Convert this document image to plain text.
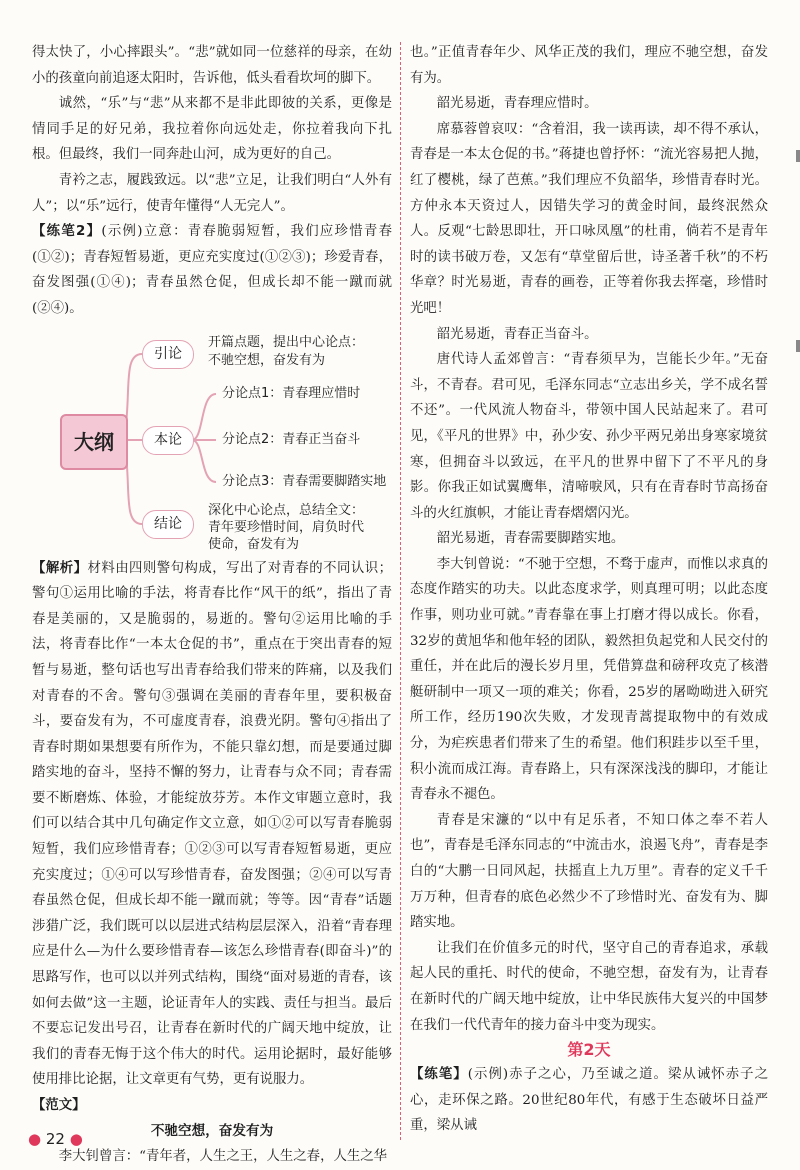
得太快了，小心摔跟头”。“悲”就如同一位慈祥的母亲，在幼小的孩童向前追逐太阳时，告诉他，低头看看坎坷的脚下。

诚然，“乐”与“悲”从来都不是非此即彼的关系，更像是情同手足的好兄弟，我拉着你向远处走，你拉着我向下扎根。但最终，我们一同奔赴山河，成为更好的自己。

青衿之志，履践致远。以“悲”立足，让我们明白“人外有人”；以“乐”远行，使青年懂得“人无完人”。

【练笔2】(示例)立意：青春脆弱短暂，我们应珍惜青春(①②)；青春短暂易逝，更应充实度过(①②③)；珍爱青春，奋发图强(①④)；青春虽然仓促，但成长却不能一蹴而就(②④)。

大纲
引论
本论
结论
开篇点题，提出中心论点：
不驰空想，奋发有为
分论点1：青春理应惜时
分论点2：青春正当奋斗
分论点3：青春需要脚踏实地
深化中心论点，总结全文：
青年要珍惜时间，肩负时代
使命，奋发有为

【解析】材料由四则警句构成，写出了对青春的不同认识；警句①运用比喻的手法，将青春比作“风干的纸”，指出了青春是美丽的，又是脆弱的，易逝的。警句②运用比喻的手法，将青春比作“一本太仓促的书”，重点在于突出青春的短暂与易逝，整句话也写出青春给我们带来的阵痛，以及我们对青春的不舍。警句③强调在美丽的青春年里，要积极奋斗，要奋发有为，不可虚度青春，浪费光阴。警句④指出了青春时期如果想要有所作为，不能只靠幻想，而是要通过脚踏实地的奋斗，坚持不懈的努力，让青春与众不同；青春需要不断磨炼、体验，才能绽放芬芳。本作文审题立意时，我们可以结合其中几句确定作文立意，如①②可以写青春脆弱短暂，我们应珍惜青春；①②③可以写青春短暂易逝，更应充实度过；①④可以写珍惜青春，奋发图强；②④可以写青春虽然仓促，但成长却不能一蹴而就；等等。因“青春”话题涉猎广泛，我们既可以以层进式结构层层深入，沿着“青春理应是什么—为什么要珍惜青春—该怎么珍惜青春(即奋斗)”的思路写作，也可以以并列式结构，围绕“面对易逝的青春，该如何去做”这一主题，论证青年人的实践、责任与担当。最后不要忘记发出号召，让青春在新时代的广阔天地中绽放，让我们的青春无悔于这个伟大的时代。运用论据时，最好能够使用排比论据，让文章更有气势，更有说服力。

【范文】

不驰空想，奋发有为

李大钊曾言：“青年者，人生之王，人生之春，人生之华

也。”正值青春年少、风华正茂的我们，理应不驰空想，奋发有为。

韶光易逝，青春理应惜时。

席慕蓉曾哀叹：“含着泪，我一读再读，却不得不承认，青春是一本太仓促的书。”蒋捷也曾抒怀：“流光容易把人抛，红了樱桃，绿了芭蕉。”我们理应不负韶华，珍惜青春时光。方仲永本天资过人，因错失学习的黄金时间，最终泯然众人。反观“七龄思即壮，开口咏凤凰”的杜甫，倘若不是青年时的读书破万卷，又怎有“草堂留后世，诗圣著千秋”的不朽华章？时光易逝，青春的画卷，正等着你我去挥毫，珍惜时光吧！

韶光易逝，青春正当奋斗。

唐代诗人孟郊曾言：“青春须早为，岂能长少年。”无奋斗，不青春。君可见，毛泽东同志“立志出乡关，学不成名誓不还”。一代风流人物奋斗，带领中国人民站起来了。君可见，《平凡的世界》中，孙少安、孙少平两兄弟出身寒家境贫寒，但拥奋斗以致远，在平凡的世界中留下了不平凡的身影。你我正如试翼鹰隼，清啼唳风，只有在青春时节高扬奋斗的火红旗帜，才能让青春熠熠闪光。

韶光易逝，青春需要脚踏实地。

李大钊曾说：“不驰于空想，不骛于虚声，而惟以求真的态度作踏实的功夫。以此态度求学，则真理可明；以此态度作事，则功业可就。”青春靠在事上打磨才得以成长。你看，32岁的黄旭华和他年轻的团队，毅然担负起党和人民交付的重任，并在此后的漫长岁月里，凭借算盘和磅秤攻克了核潜艇研制中一项又一项的难关；你看，25岁的屠呦呦进入研究所工作，经历190次失败，才发现青蒿提取物中的有效成分，为疟疾患者们带来了生的希望。他们积跬步以至千里，积小流而成江海。青春路上，只有深深浅浅的脚印，才能让青春永不褪色。

青春是宋濂的“以中有足乐者，不知口体之奉不若人也”，青春是毛泽东同志的“中流击水，浪遏飞舟”，青春是李白的“大鹏一日同风起，扶摇直上九万里”。青春的定义千千万万种，但青春的底色必然少不了珍惜时光、奋发有为、脚踏实地。

让我们在价值多元的时代，坚守自己的青春追求，承载起人民的重托、时代的使命，不驰空想，奋发有为，让青春在新时代的广阔天地中绽放，让中华民族伟大复兴的中国梦在我们一代代青年的接力奋斗中变为现实。

第2天

【练笔】(示例)赤子之心，乃至诚之道。梁从诫怀赤子之心，走环保之路。20世纪80年代，有感于生态破坏日益严重，梁从诫

● 22 ●
